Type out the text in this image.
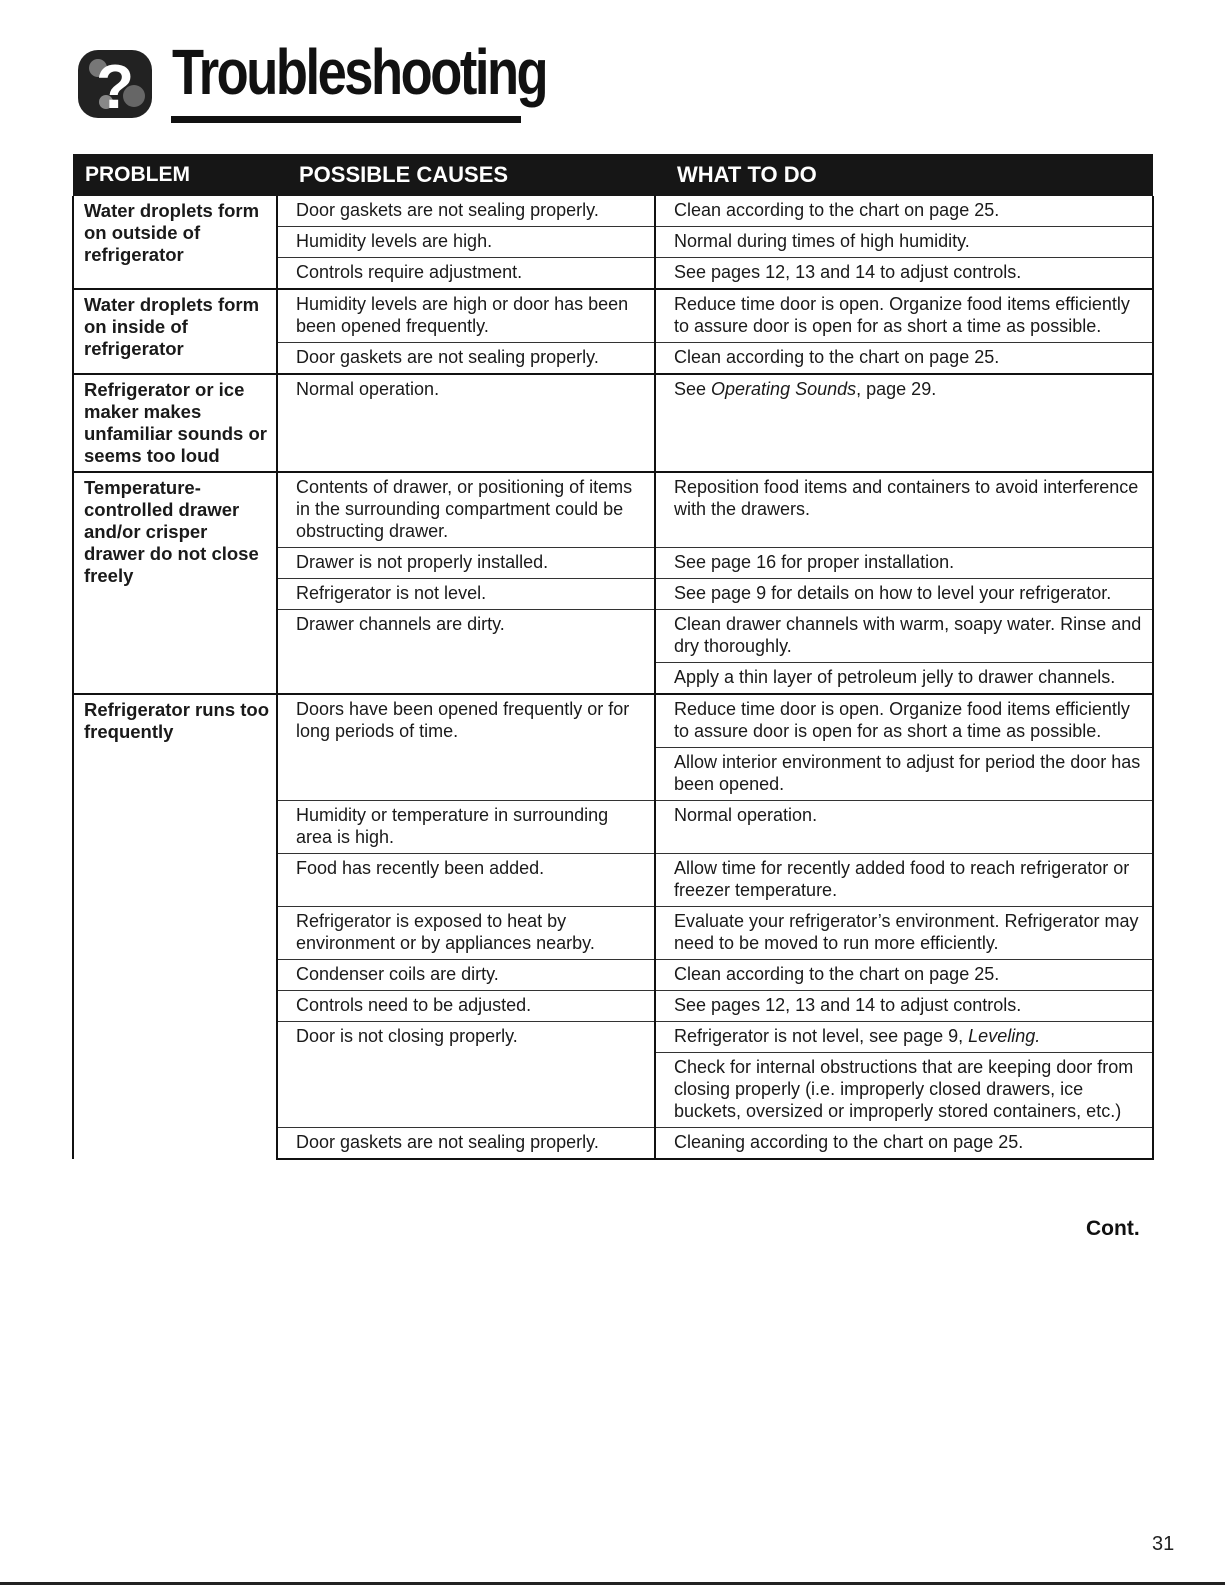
? Troubleshooting
PROBLEM	POSSIBLE CAUSES	WHAT TO DO
Water droplets form on outside of refrigerator	Door gaskets are not sealing properly.	Clean according to the chart on page 25.
	Humidity levels are high.	Normal during times of high humidity.
	Controls require adjustment.	See pages 12, 13 and 14 to adjust controls.
Water droplets form on inside of refrigerator	Humidity levels are high or door has been been opened frequently.	Reduce time door is open. Organize food items efficiently to assure door is open for as short a time as possible.
	Door gaskets are not sealing properly.	Clean according to the chart on page 25.
Refrigerator or ice maker makes unfamiliar sounds or seems too loud	Normal operation.	See Operating Sounds, page 29.
Temperature-controlled drawer and/or crisper drawer do not close freely	Contents of drawer, or positioning of items in the surrounding compartment could be obstructing drawer.	Reposition food items and containers to avoid interference with the drawers.
	Drawer is not properly installed.	See page 16 for proper installation.
	Refrigerator is not level.	See page 9 for details on how to level your refrigerator.
	Drawer channels are dirty.	Clean drawer channels with warm, soapy water. Rinse and dry thoroughly.
		Apply a thin layer of petroleum jelly to drawer channels.
Refrigerator runs too frequently	Doors have been opened frequently or for long periods of time.	Reduce time door is open. Organize food items efficiently to assure door is open for as short a time as possible.
		Allow interior environment to adjust for period the door has been opened.
	Humidity or temperature in surrounding area is high.	Normal operation.
	Food has recently been added.	Allow time for recently added food to reach refrigerator or freezer temperature.
	Refrigerator is exposed to heat by environment or by appliances nearby.	Evaluate your refrigerator’s environment. Refrigerator may need to be moved to run more efficiently.
	Condenser coils are dirty.	Clean according to the chart on page 25.
	Controls need to be adjusted.	See pages 12, 13 and 14 to adjust controls.
	Door is not closing properly.	Refrigerator is not level, see page 9, Leveling.
		Check for internal obstructions that are keeping door from closing properly (i.e. improperly closed drawers, ice buckets, oversized or improperly stored containers, etc.)
	Door gaskets are not sealing properly.	Cleaning according to the chart on page 25.
Cont.
31
